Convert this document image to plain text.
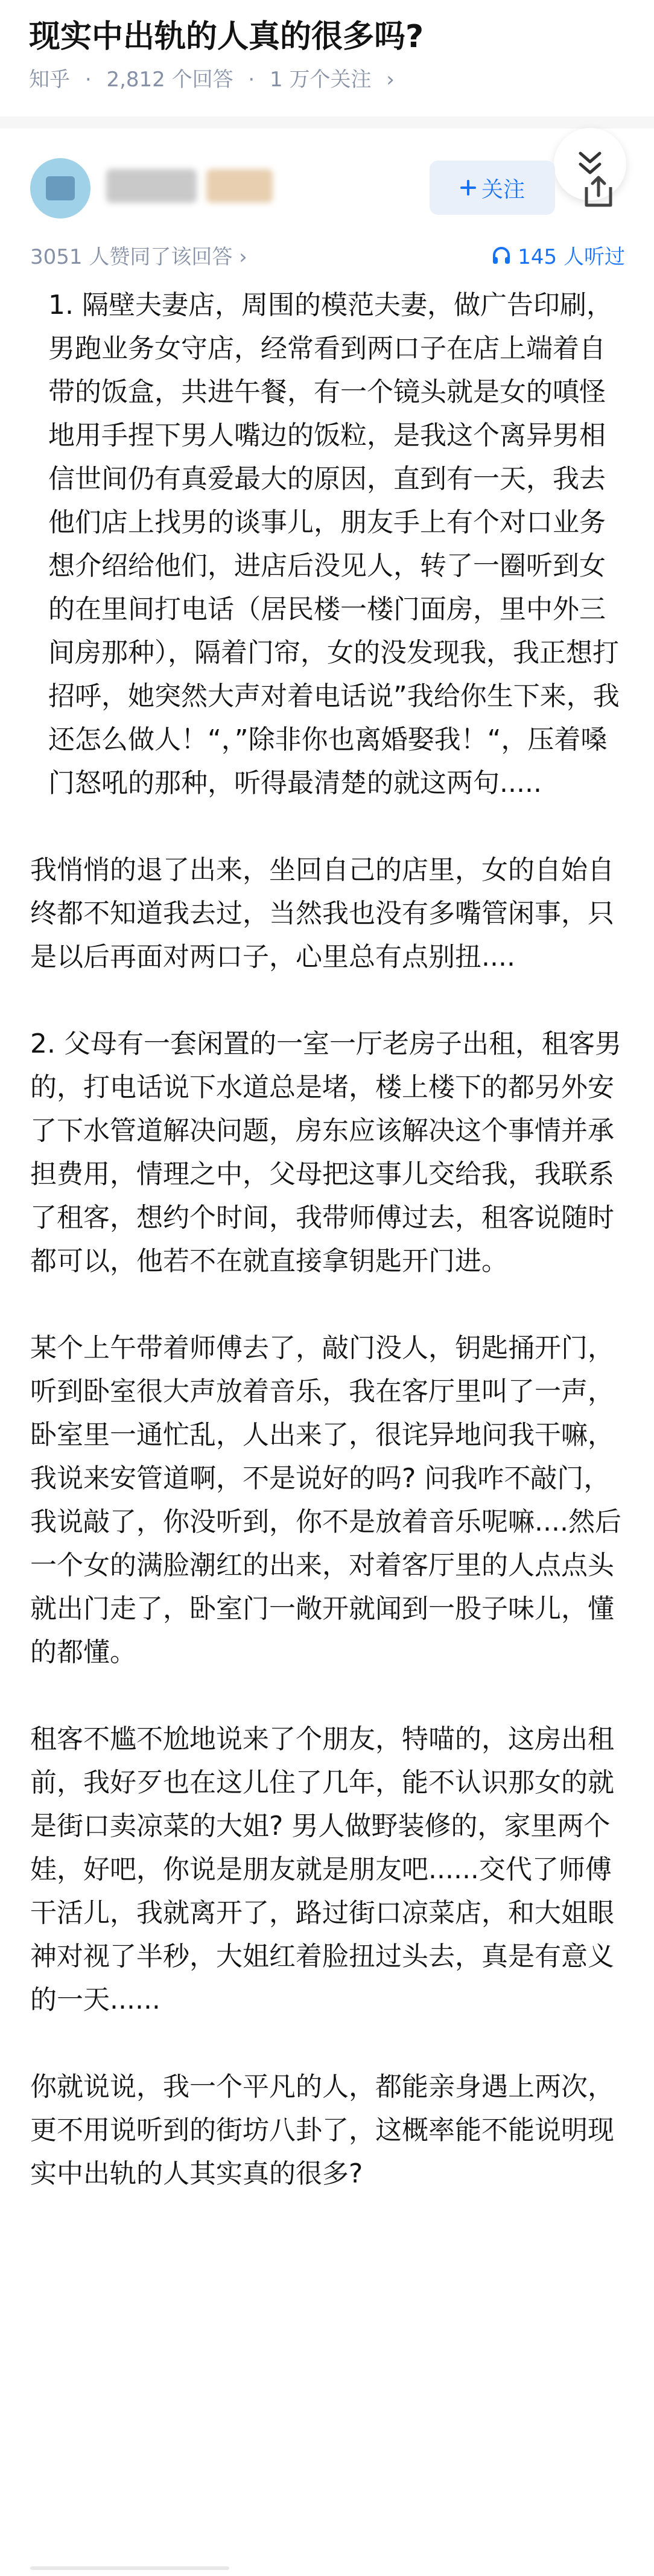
现实中出轨的人真的很多吗?
知乎 · 2,812 个回答 · 1 万个关注 ›
关注
3051 人赞同了该回答 ›	145 人听过

1. 隔壁夫妻店，周围的模范夫妻，做广告印刷，男跑业务女守店，经常看到两口子在店上端着自带的饭盒，共进午餐，有一个镜头就是女的嗔怪地用手捏下男人嘴边的饭粒，是我这个离异男相信世间仍有真爱最大的原因，直到有一天，我去他们店上找男的谈事儿，朋友手上有个对口业务想介绍给他们，进店后没见人，转了一圈听到女的在里间打电话（居民楼一楼门面房，里中外三间房那种），隔着门帘，女的没发现我，我正想打招呼，她突然大声对着电话说”我给你生下来，我还怎么做人！“，”除非你也离婚娶我！“，压着嗓门怒吼的那种，听得最清楚的就这两句.....

我悄悄的退了出来，坐回自己的店里，女的自始自终都不知道我去过，当然我也没有多嘴管闲事，只是以后再面对两口子，心里总有点别扭....

2. 父母有一套闲置的一室一厅老房子出租，租客男的，打电话说下水道总是堵，楼上楼下的都另外安了下水管道解决问题，房东应该解决这个事情并承担费用，情理之中，父母把这事儿交给我，我联系了租客，想约个时间，我带师傅过去，租客说随时都可以，他若不在就直接拿钥匙开门进。

某个上午带着师傅去了，敲门没人，钥匙捅开门，听到卧室很大声放着音乐，我在客厅里叫了一声，卧室里一通忙乱，人出来了，很诧异地问我干嘛，我说来安管道啊，不是说好的吗? 问我咋不敲门，我说敲了，你没听到，你不是放着音乐呢嘛....然后一个女的满脸潮红的出来，对着客厅里的人点点头就出门走了，卧室门一敞开就闻到一股子味儿，懂的都懂。

租客不尴不尬地说来了个朋友，特喵的，这房出租前，我好歹也在这儿住了几年，能不认识那女的就是街口卖凉菜的大姐? 男人做野装修的，家里两个娃，好吧，你说是朋友就是朋友吧......交代了师傅干活儿，我就离开了，路过街口凉菜店，和大姐眼神对视了半秒，大姐红着脸扭过头去，真是有意义的一天......

你就说说，我一个平凡的人，都能亲身遇上两次，更不用说听到的街坊八卦了，这概率能不能说明现实中出轨的人其实真的很多?
